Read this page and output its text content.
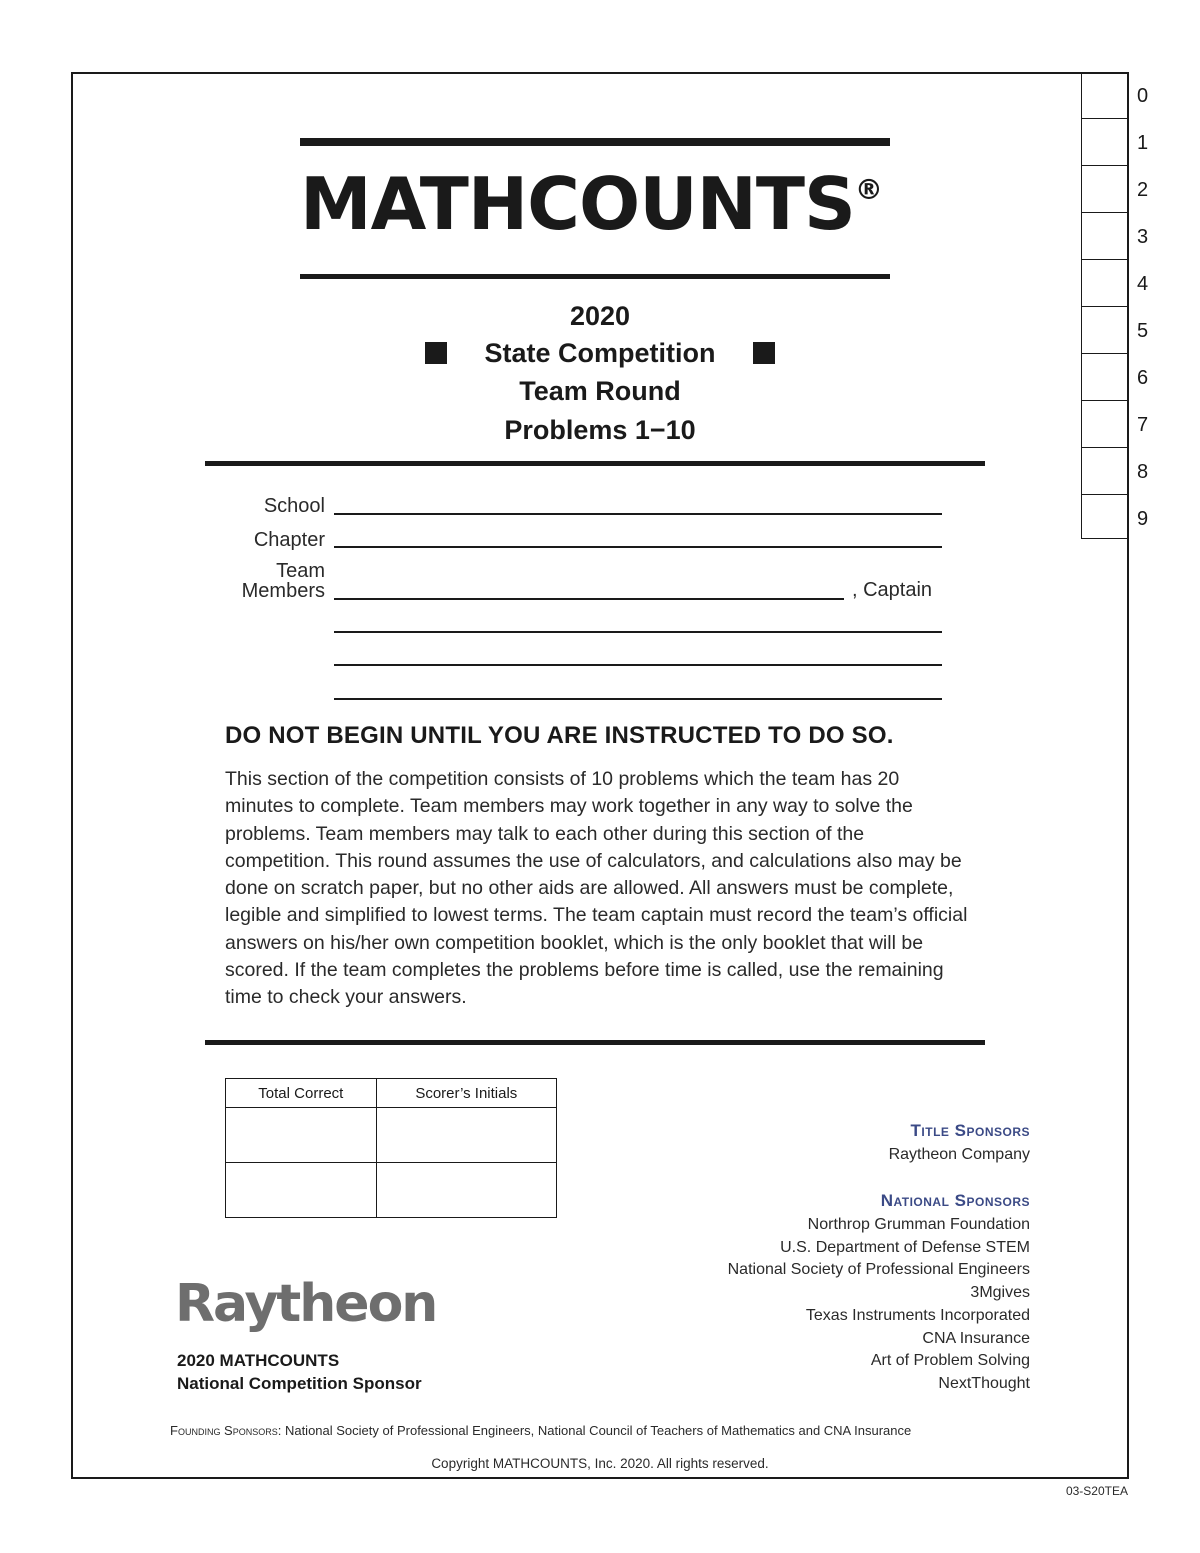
0
1
2
3
4
5
6
7
8
9
MATHCOUNTS®
2020
State Competition
Team Round
Problems 1−10
School
Chapter
Team
Members	, Captain
DO NOT BEGIN UNTIL YOU ARE INSTRUCTED TO DO SO.
This section of the competition consists of 10 problems which the team has 20 minutes to complete. Team members may work together in any way to solve the problems. Team members may talk to each other during this section of the competition. This round assumes the use of calculators, and calculations also may be done on scratch paper, but no other aids are allowed. All answers must be complete, legible and simplified to lowest terms. The team captain must record the team’s official answers on his/her own competition booklet, which is the only booklet that will be scored. If the team completes the problems before time is called, use the remaining time to check your answers.
Total Correct	Scorer’s Initials

Title Sponsors
Raytheon Company
National Sponsors
Northrop Grumman Foundation
U.S. Department of Defense STEM
National Society of Professional Engineers
3Mgives
Texas Instruments Incorporated
CNA Insurance
Art of Problem Solving
NextThought
Raytheon
2020 MATHCOUNTS
National Competition Sponsor
Founding Sponsors: National Society of Professional Engineers, National Council of Teachers of Mathematics and CNA Insurance
Copyright MATHCOUNTS, Inc. 2020. All rights reserved.
03-S20TEA
